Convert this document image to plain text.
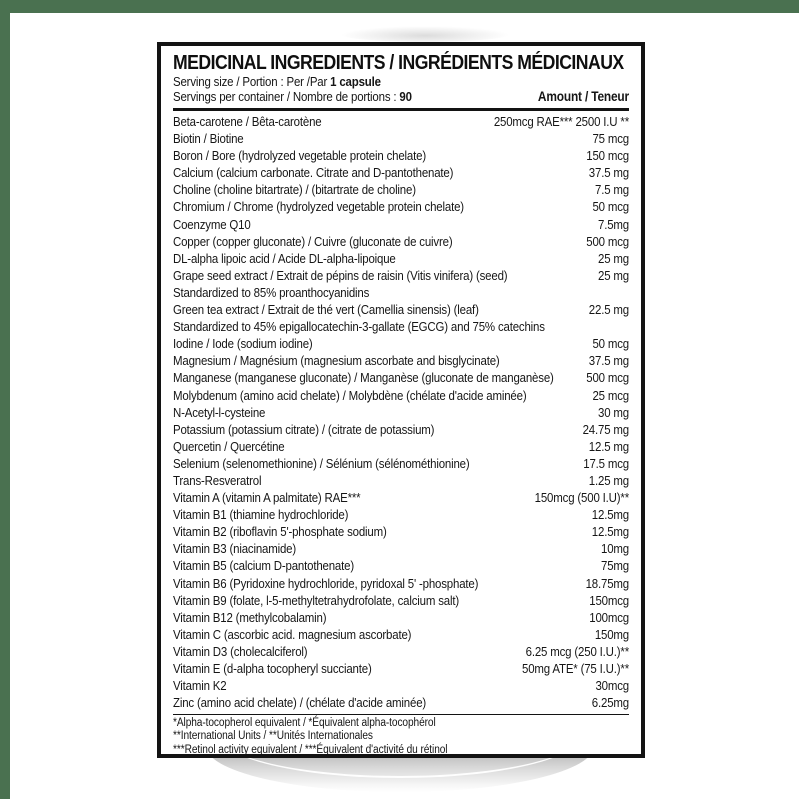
MEDICINAL INGREDIENTS / INGRÉDIENTS MÉDICINAUX
Serving size / Portion : Per /Par 1 capsule
Servings per container / Nombre de portions : 90	Amount / Teneur
Beta-carotene / Bêta-carotène	250mcg RAE*** 2500 I.U **
Biotin / Biotine	75 mcg
Boron / Bore (hydrolyzed vegetable protein chelate)	150 mcg
Calcium (calcium carbonate. Citrate and D-pantothenate)	37.5 mg
Choline (choline bitartrate) / (bitartrate de choline)	7.5 mg
Chromium / Chrome (hydrolyzed vegetable protein chelate)	50 mcg
Coenzyme Q10	7.5mg
Copper (copper gluconate) / Cuivre (gluconate de cuivre)	500 mcg
DL-alpha lipoic acid / Acide DL-alpha-lipoique	25 mg
Grape seed extract / Extrait de pépins de raisin (Vitis vinifera) (seed)	25 mg
Standardized to 85% proanthocyanidins
Green tea extract / Extrait de thé vert (Camellia sinensis) (leaf)	22.5 mg
Standardized to 45% epigallocatechin-3-gallate (EGCG) and 75% catechins
Iodine / Iode (sodium iodine)	50 mcg
Magnesium / Magnésium (magnesium ascorbate and bisglycinate)	37.5 mg
Manganese (manganese gluconate) / Manganèse (gluconate de manganèse)	500 mcg
Molybdenum (amino acid chelate) / Molybdène (chélate d'acide aminée)	25 mcg
N-Acetyl-l-cysteine	30 mg
Potassium (potassium citrate) / (citrate de potassium)	24.75 mg
Quercetin / Quercétine	12.5 mg
Selenium (selenomethionine) / Sélénium (sélénométhionine)	17.5 mcg
Trans-Resveratrol	1.25 mg
Vitamin A (vitamin A palmitate) RAE***	150mcg (500 I.U)**
Vitamin B1 (thiamine hydrochloride)	12.5mg
Vitamin B2 (riboflavin 5'-phosphate sodium)	12.5mg
Vitamin B3 (niacinamide)	10mg
Vitamin B5 (calcium D-pantothenate)	75mg
Vitamin B6 (Pyridoxine hydrochloride, pyridoxal 5' -phosphate)	18.75mg
Vitamin B9 (folate, l-5-methyltetrahydrofolate, calcium salt)	150mcg
Vitamin B12 (methylcobalamin)	100mcg
Vitamin C (ascorbic acid. magnesium ascorbate)	150mg
Vitamin D3 (cholecalciferol)	6.25 mcg (250 I.U.)**
Vitamin E (d-alpha tocopheryl succiante)	50mg ATE* (75 I.U.)**
Vitamin K2	30mcg
Zinc (amino acid chelate) / (chélate d'acide aminée)	6.25mg
*Alpha-tocopherol equivalent / *Équivalent alpha-tocophérol
**International Units / **Unités Internationales
***Retinol activity equivalent / ***Équivalent d'activité du rétinol
